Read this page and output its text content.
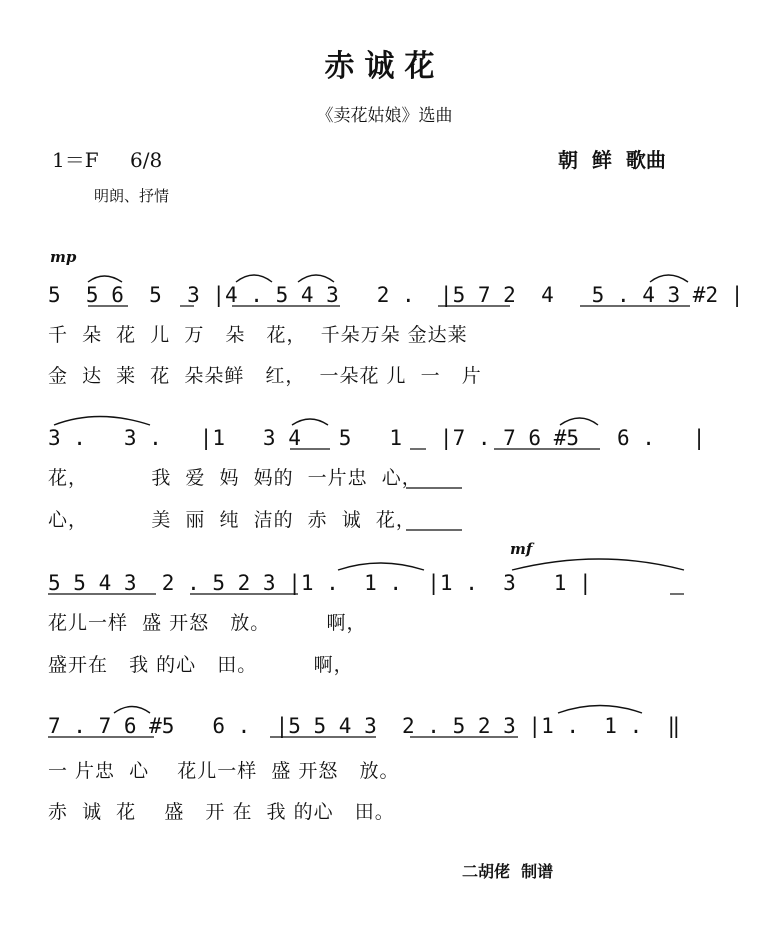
赤诚花
《卖花姑娘》选曲
1＝F 6/8	朝  鲜  歌曲
明朗、抒情
mp
mf
5  5 6  5  3 |4 . 5 4 3   2 .  |5 7 2  4   5 . 4 3 #2 |
千  朵  花  儿  万   朵   花，  千朵万朵 金达莱
金  达  莱  花  朵朵鲜   红，  一朵花 儿  一   片
3 .   3 .   |1   3 4   5   1   |7 . 7 6 #5   6 .   |
花，         我  爱  妈  妈的  一片忠  心，
心，         美  丽  纯  洁的  赤  诚  花，
5 5 4 3  2 . 5 2 3 |1 .  1 .  |1 .  3   1 |
花儿一样  盛 开怒   放。        啊，
盛开在   我 的心   田。        啊，
7 . 7 6 #5   6 .  |5 5 4 3  2 . 5 2 3 |1 .  1 .  ‖
一 片忠  心    花儿一样  盛 开怒   放。
赤  诚  花    盛   开 在  我 的心   田。
二胡佬  制谱
